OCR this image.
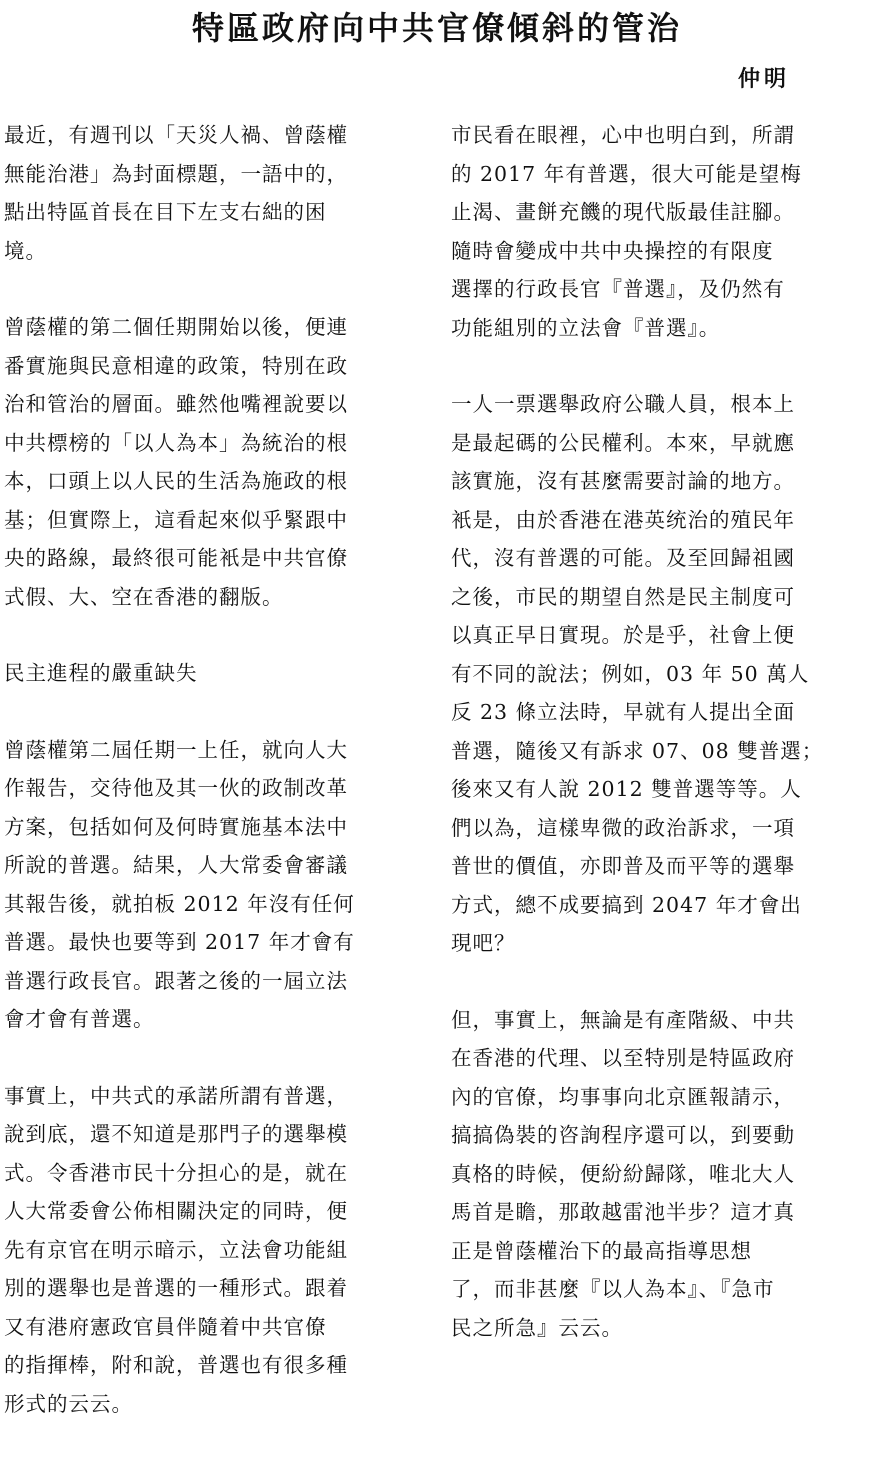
特區政府向中共官僚傾斜的管治
仲明
最近，有週刊以「天災人禍、曾蔭權
無能治港」為封面標題，一語中的，
點出特區首長在目下左支右絀的困
境。
曾蔭權的第二個任期開始以後，便連
番實施與民意相違的政策，特別在政
治和管治的層面。雖然他嘴裡說要以
中共標榜的「以人為本」為統治的根
本，口頭上以人民的生活為施政的根
基；但實際上，這看起來似乎緊跟中
央的路線，最終很可能衹是中共官僚
式假、大、空在香港的翻版。
民主進程的嚴重缺失
曾蔭權第二屆任期一上任，就向人大
作報告，交待他及其一伙的政制改革
方案，包括如何及何時實施基本法中
所說的普選。結果，人大常委會審議
其報告後，就拍板 2012 年沒有任何
普選。最快也要等到 2017 年才會有
普選行政長官。跟著之後的一屆立法
會才會有普選。
事實上，中共式的承諾所謂有普選，
說到底，還不知道是那門子的選舉模
式。令香港市民十分担心的是，就在
人大常委會公佈相關決定的同時，便
先有京官在明示暗示，立法會功能組
別的選舉也是普選的一種形式。跟着
又有港府憲政官員伴隨着中共官僚
的指揮棒，附和說，普選也有很多種
形式的云云。
市民看在眼裡，心中也明白到，所謂
的 2017 年有普選，很大可能是望梅
止渴、畫餅充饑的現代版最佳註腳。
隨時會變成中共中央操控的有限度
選擇的行政長官『普選』，及仍然有
功能組別的立法會『普選』。
一人一票選舉政府公職人員，根本上
是最起碼的公民權利。本來，早就應
該實施，沒有甚麼需要討論的地方。
衹是，由於香港在港英统治的殖民年
代，沒有普選的可能。及至回歸祖國
之後，市民的期望自然是民主制度可
以真正早日實現。於是乎，社會上便
有不同的說法；例如，03 年 50 萬人
反 23 條立法時，早就有人提出全面
普選，隨後又有訴求 07、08 雙普選；
後來又有人說 2012 雙普選等等。人
們以為，這樣卑微的政治訴求，一項
普世的價值，亦即普及而平等的選舉
方式，總不成要搞到 2047 年才會出
現吧？
但，事實上，無論是有產階級、中共
在香港的代理、以至特別是特區政府
內的官僚，均事事向北京匯報請示，
搞搞偽裝的咨詢程序還可以，到要動
真格的時候，便紛紛歸隊，唯北大人
馬首是瞻，那敢越雷池半步？這才真
正是曾蔭權治下的最高指導思想
了，而非甚麼『以人為本』、『急市
民之所急』云云。
